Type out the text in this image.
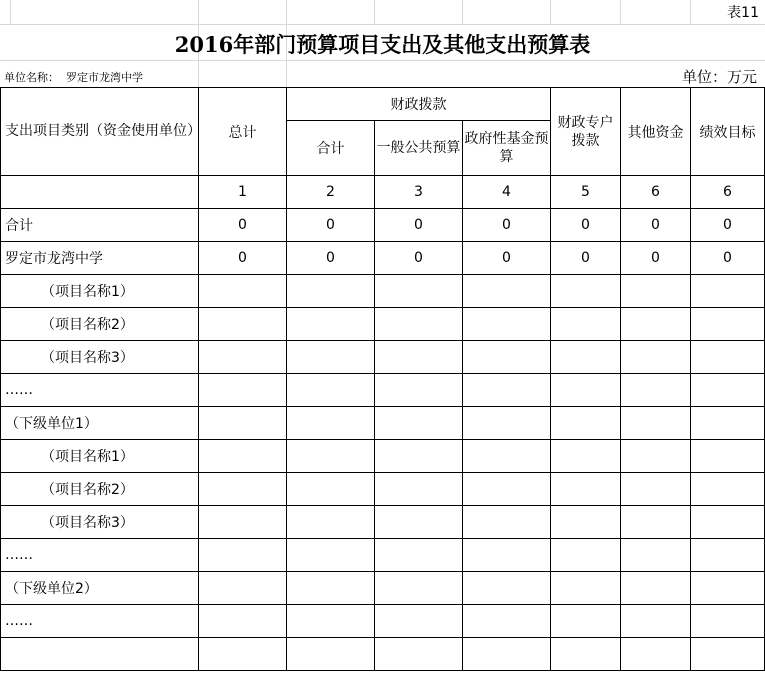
表11
2016年部门预算项目支出及其他支出预算表
单位名称： 罗定市龙湾中学	单位：万元
支出项目类别（资金使用单位）	总计	财政拨款			财政专户拨款	其他资金	绩效目标
		合计	一般公共预算	政府性基金预算			
	1	2	3	4	5	6	6
合计	0	0	0	0	0	0	0
罗定市龙湾中学	0	0	0	0	0	0	0
（项目名称1）							
（项目名称2）							
（项目名称3）							
……							
（下级单位1）							
（项目名称1）							
（项目名称2）							
（项目名称3）							
……							
（下级单位2）							
……							
